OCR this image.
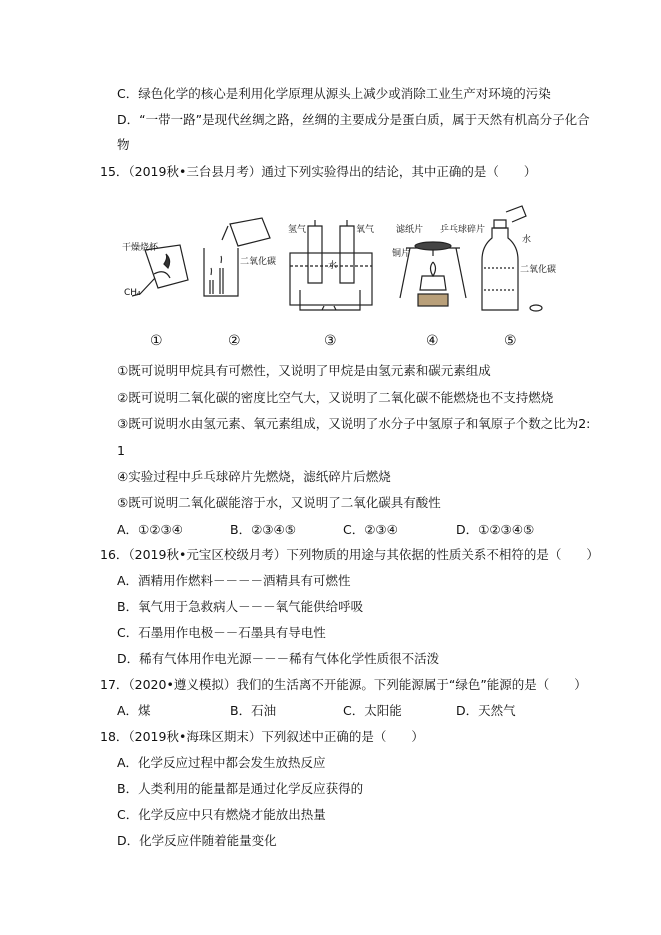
C．绿色化学的核心是利用化学原理从源头上减少或消除工业生产对环境的污染
D．“一带一路”是现代丝绸之路，丝绸的主要成分是蛋白质，属于天然有机高分子化合
物
15．（2019秋•三台县月考）通过下列实验得出的结论，其中正确的是（　　）
干燥烧杯
CH₄
二氧化碳
氢气	氧气
水
滤纸片 乒乓球碎片
铜片
水
二氧化碳
①	②	③	④	⑤
①既可说明甲烷具有可燃性，又说明了甲烷是由氢元素和碳元素组成
②既可说明二氧化碳的密度比空气大，又说明了二氧化碳不能燃烧也不支持燃烧
③既可说明水由氢元素、氧元素组成，又说明了水分子中氢原子和氧原子个数之比为2:
1
④实验过程中乒乓球碎片先燃烧，滤纸碎片后燃烧
⑤既可说明二氧化碳能溶于水，又说明了二氧化碳具有酸性
A．①②③④	B．②③④⑤	C．②③④	D．①②③④⑤
16．（2019秋•元宝区校级月考）下列物质的用途与其依据的性质关系不相符的是（　　）
A．酒精用作燃料－－－－酒精具有可燃性
B．氧气用于急救病人－－－氧气能供给呼吸
C．石墨用作电极－－石墨具有导电性
D．稀有气体用作电光源－－－稀有气体化学性质很不活泼
17．（2020•遵义模拟）我们的生活离不开能源。下列能源属于“绿色”能源的是（　　）
A．煤	B．石油	C．太阳能	D．天然气
18．（2019秋•海珠区期末）下列叙述中正确的是（　　）
A．化学反应过程中都会发生放热反应
B．人类利用的能量都是通过化学反应获得的
C．化学反应中只有燃烧才能放出热量
D．化学反应伴随着能量变化
